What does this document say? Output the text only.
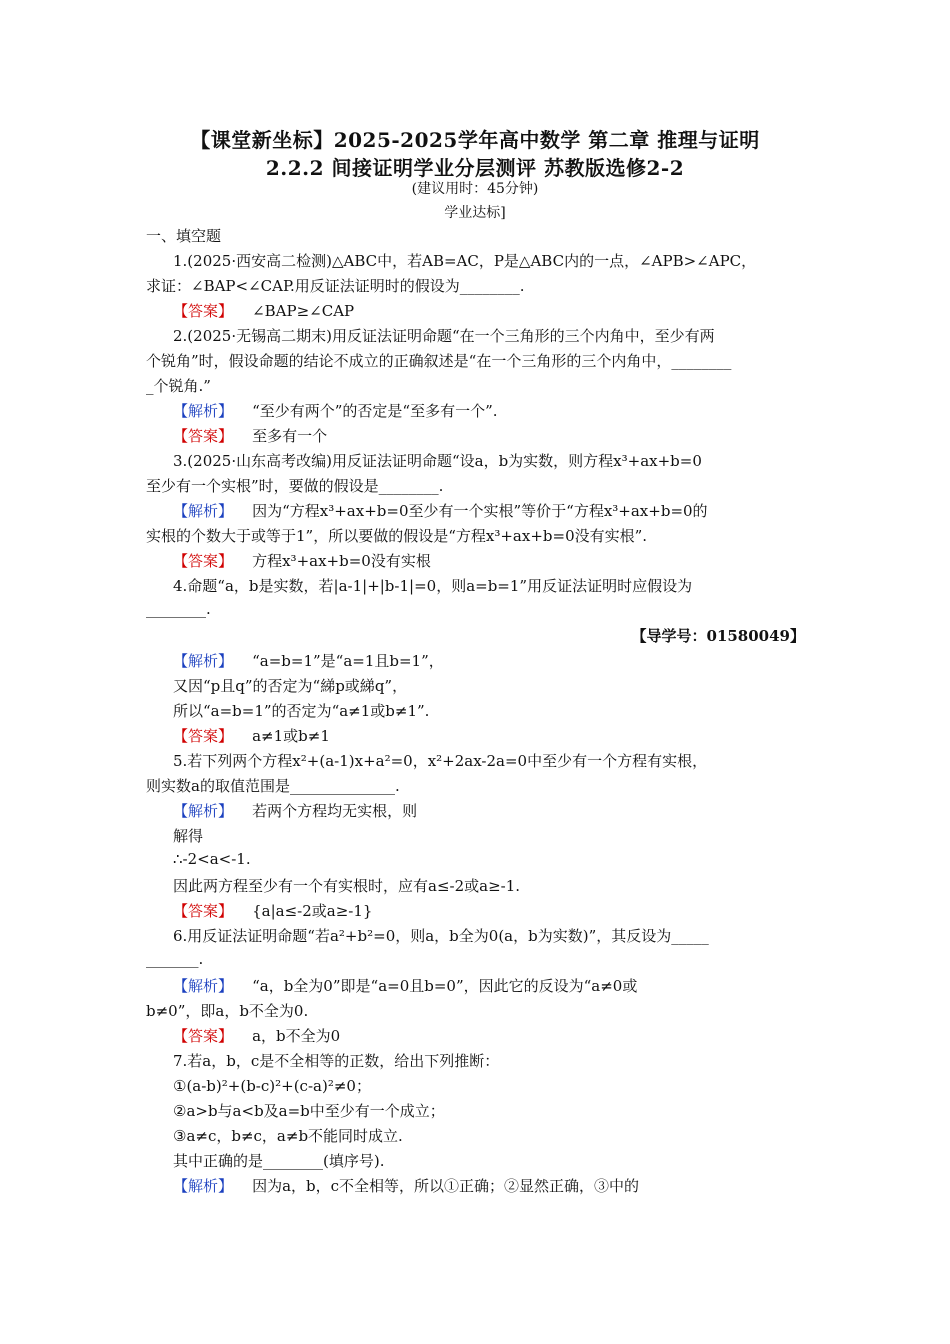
【课堂新坐标】2025-2025学年高中数学 第二章 推理与证明
2.2.2 间接证明学业分层测评 苏教版选修2-2
(建议用时：45分钟)
学业达标]
一、填空题
1.(2025·西安高二检测)△ABC中，若AB=AC，P是△ABC内的一点，∠APB>∠APC，
求证：∠BAP<∠CAP.用反证法证明时的假设为________.
【答案】 ∠BAP≥∠CAP
2.(2025·无锡高二期末)用反证法证明命题“在一个三角形的三个内角中，至少有两
个锐角”时，假设命题的结论不成立的正确叙述是“在一个三角形的三个内角中，________
_个锐角.”
【解析】 “至少有两个”的否定是“至多有一个”.
【答案】 至多有一个
3.(2025·山东高考改编)用反证法证明命题“设a，b为实数，则方程x³+ax+b=0
至少有一个实根”时，要做的假设是________.
【解析】 因为“方程x³+ax+b=0至少有一个实根”等价于“方程x³+ax+b=0的
实根的个数大于或等于1”，所以要做的假设是“方程x³+ax+b=0没有实根”.
【答案】 方程x³+ax+b=0没有实根
4.命题“a，b是实数，若|a-1|+|b-1|=0，则a=b=1”用反证法证明时应假设为
________.
【导学号：01580049】
【解析】 “a=b=1”是“a=1且b=1”，
又因“p且q”的否定为“綈p或綈q”，
所以“a=b=1”的否定为“a≠1或b≠1”.
【答案】 a≠1或b≠1
5.若下列两个方程x²+(a-1)x+a²=0，x²+2ax-2a=0中至少有一个方程有实根，
则实数a的取值范围是______________.
【解析】 若两个方程均无实根，则
解得
∴-2<a<-1.
因此两方程至少有一个有实根时，应有a≤-2或a≥-1.
【答案】 {a|a≤-2或a≥-1}
6.用反证法证明命题“若a²+b²=0，则a，b全为0(a，b为实数)”，其反设为_____
_______.
【解析】 “a，b全为0”即是“a=0且b=0”，因此它的反设为“a≠0或
b≠0”，即a，b不全为0.
【答案】 a，b不全为0
7.若a，b，c是不全相等的正数，给出下列推断：
①(a-b)²+(b-c)²+(c-a)²≠0；
②a>b与a<b及a=b中至少有一个成立；
③a≠c，b≠c，a≠b不能同时成立.
其中正确的是________(填序号).
【解析】 因为a，b，c不全相等，所以①正确；②显然正确，③中的
